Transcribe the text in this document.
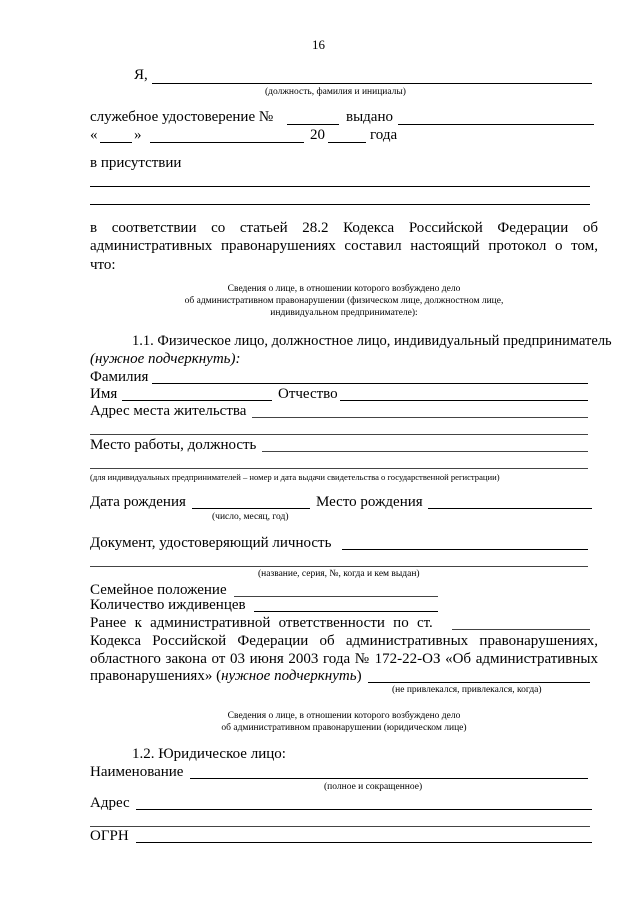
16
Я,
(должность, фамилия и инициалы)
служебное удостоверение №	выдано
« »	20	года
в присутствии
в соответствии со статьей 28.2 Кодекса Российской Федерации об
административных правонарушениях составил настоящий протокол о том,
что:
Сведения о лице, в отношении которого возбуждено дело
об административном правонарушении (физическом лице, должностном лице,
индивидуальном предпринимателе):
1.1. Физическое лицо, должностное лицо, индивидуальный предприниматель
(нужное подчеркнуть):
Фамилия
Имя	Отчество
Адрес места жительства
Место работы, должность
(для индивидуальных предпринимателей – номер и дата выдачи свидетельства о государственной регистрации)
Дата рождения	Место рождения
(число, месяц, год)
Документ, удостоверяющий личность
(название, серия, №, когда и кем выдан)
Семейное положение
Количество иждивенцев
Ранее к административной ответственности по ст.
Кодекса Российской Федерации об административных правонарушениях,
областного закона от 03 июня 2003 года № 172-22-ОЗ «Об административных
правонарушениях» (нужное подчеркнуть)
(не привлекался, привлекался, когда)
Сведения о лице, в отношении которого возбуждено дело
об административном правонарушении (юридическом лице)
1.2. Юридическое лицо:
Наименование
(полное и сокращенное)
Адрес
ОГРН
